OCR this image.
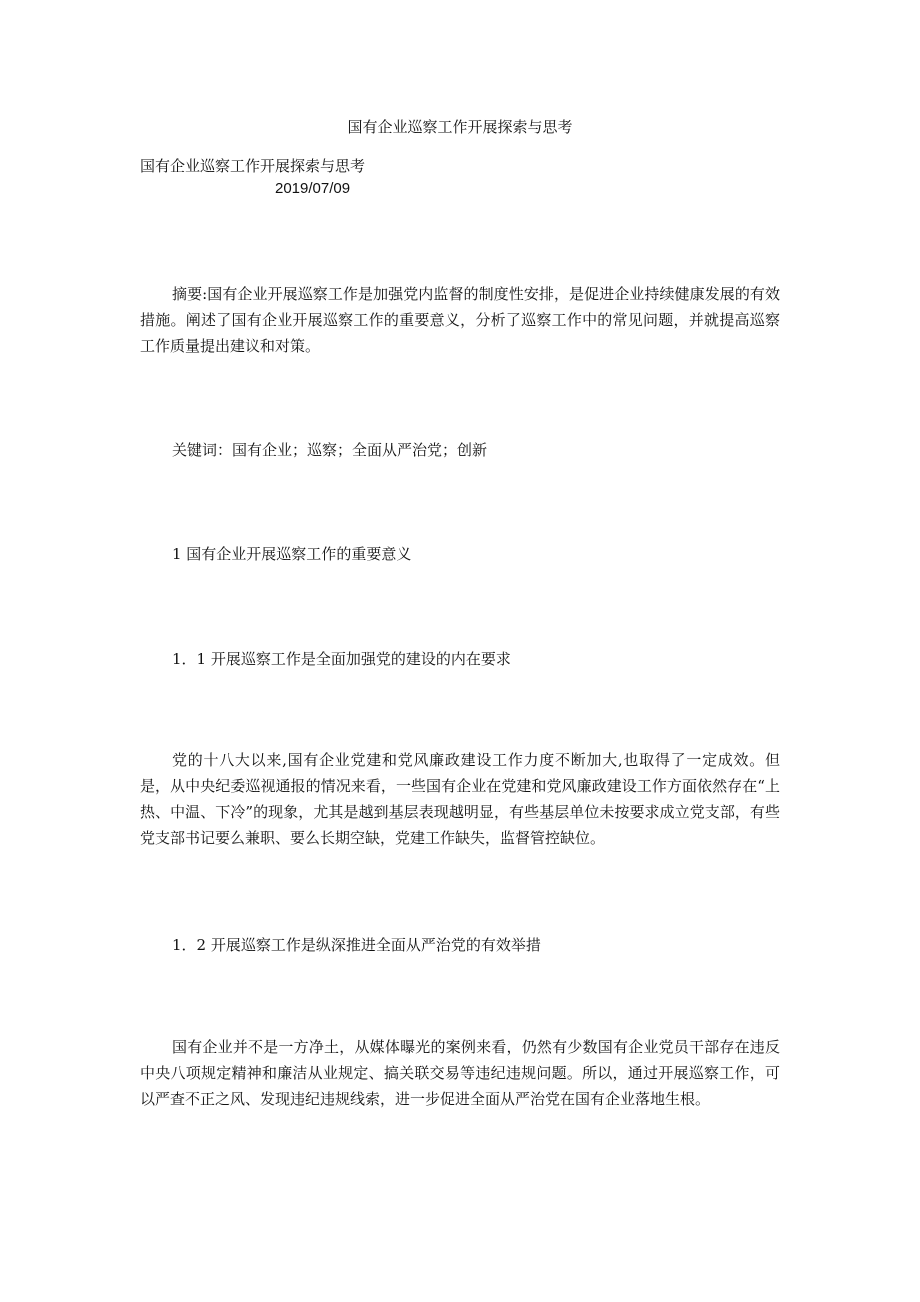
国有企业巡察工作开展探索与思考

国有企业巡察工作开展探索与思考

2019/07/09

摘要:国有企业开展巡察工作是加强党内监督的制度性安排，是促进企业持续健康发展的有效措施。阐述了国有企业开展巡察工作的重要意义，分析了巡察工作中的常见问题，并就提高巡察工作质量提出建议和对策。

关键词：国有企业；巡察；全面从严治党；创新

1 国有企业开展巡察工作的重要意义

1．1 开展巡察工作是全面加强党的建设的内在要求

党的十八大以来,国有企业党建和党风廉政建设工作力度不断加大,也取得了一定成效。但是，从中央纪委巡视通报的情况来看，一些国有企业在党建和党风廉政建设工作方面依然存在“上热、中温、下冷”的现象，尤其是越到基层表现越明显，有些基层单位未按要求成立党支部，有些党支部书记要么兼职、要么长期空缺，党建工作缺失，监督管控缺位。

1．2 开展巡察工作是纵深推进全面从严治党的有效举措

国有企业并不是一方净土，从媒体曝光的案例来看，仍然有少数国有企业党员干部存在违反中央八项规定精神和廉洁从业规定、搞关联交易等违纪违规问题。所以，通过开展巡察工作，可以严查不正之风、发现违纪违规线索，进一步促进全面从严治党在国有企业落地生根。
